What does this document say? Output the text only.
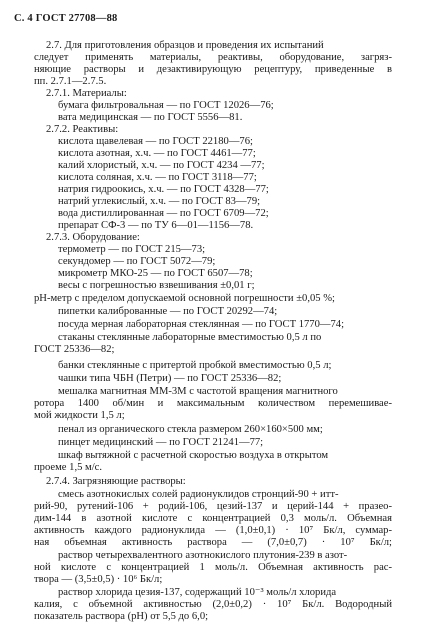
С. 4 ГОСТ 27708—88
2.7. Для приготовления образцов и проведения их испытаний
следует применять материалы, реактивы, оборудование, загряз-
няющие растворы и дезактивирующую рецептуру, приведенные в
пп. 2.7.1—2.7.5.
2.7.1. Материалы:
бумага фильтровальная — по ГОСТ 12026—76;
вата медицинская — по ГОСТ 5556—81.
2.7.2. Реактивы:
кислота щавелевая — по ГОСТ 22180—76;
кислота азотная, х.ч. — по ГОСТ 4461—77;
калий хлористый, х.ч. — по ГОСТ 4234 —77;
кислота соляная, х.ч. — по ГОСТ 3118—77;
натрия гидроокись, х.ч. — по ГОСТ 4328—77;
натрий углекислый, х.ч. — по ГОСТ 83—79;
вода дистиллированная — по ГОСТ 6709—72;
препарат СФ-3 — по ТУ 6—01—1156—78.
2.7.3. Оборудование:
термометр — по ГОСТ 215—73;
секундомер — по ГОСТ 5072—79;
микрометр МКО-25 — по ГОСТ 6507—78;
весы с погрешностью взвешивания ±0,01 г;
рН-метр с пределом допускаемой основной погрешности ±0,05 %;
пипетки калиброванные — по ГОСТ 20292—74;
посуда мерная лабораторная стеклянная — по ГОСТ 1770—74;
стаканы стеклянные лабораторные вместимостью 0,5 л по
ГОСТ 25336—82;
банки стеклянные с притертой пробкой вместимостью 0,5 л;
чашки типа ЧБН (Петри) — по ГОСТ 25336—82;
мешалка магнитная ММ-3М с частотой вращения магнитного
ротора 1400 об/мин и максимальным количеством перемешивае-
мой жидкости 1,5 л;
пенал из органического стекла размером 260×160×500 мм;
пинцет медицинский — по ГОСТ 21241—77;
шкаф вытяжной с расчетной скоростью воздуха в открытом
проеме 1,5 м/с.
2.7.4. Загрязняющие растворы:
смесь азотнокислых солей радионуклидов стронций-90 + итт-
рий-90, рутений-106 + родий-106, цезий-137 и церий-144 + празео-
дим-144 в азотной кислоте с концентрацией 0,3 моль/л. Объемная
активность каждого радионуклида — (1,0±0,1) · 10⁷ Бк/л, суммар-
ная объемная активность раствора — (7,0±0,7) · 10⁷ Бк/л;
раствор четырехвалентного азотнокислого плутония-239 в азот-
ной кислоте с концентрацией 1 моль/л. Объемная активность рас-
твора — (3,5±0,5) · 10⁶ Бк/л;
раствор хлорида цезия-137, содержащий 10⁻³ моль/л хлорида
калия, с объемной активностью (2,0±0,2) · 10⁷ Бк/л. Водородный
показатель раствора (рН) от 5,5 до 6,0;
